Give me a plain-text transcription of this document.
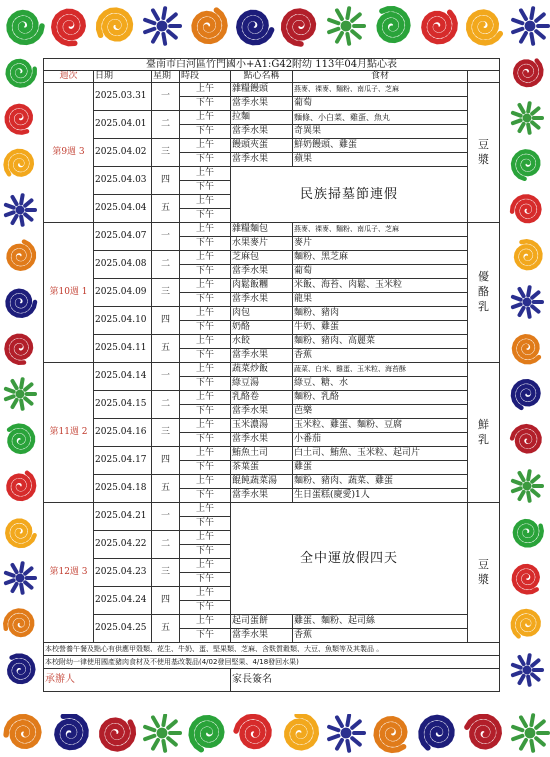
臺南市白河區竹門國小+A1:G42附幼 113年04月點心表						
週次	日期	星期	時段	點心名稱	食材	
第9週 3	2025.03.31	一	上午	雜糧饅頭	燕麥、裸麥、麵粉、南瓜子、芝麻	豆
漿
			下午	當季水果	葡萄	
	2025.04.01	二	上午	拉麵	麵條、小白菜、雞蛋、魚丸	
			下午	當季水果	奇異果	
	2025.04.02	三	上午	饅頭夾蛋	鮮奶饅頭、雞蛋	
			下午	當季水果	蘋果	
	2025.04.03	四	上午	民族掃墓節連假		
			下午			
	2025.04.04	五	上午			
			下午			
第10週 1	2025.04.07	一	上午	雜糧麵包	燕麥、裸麥、麵粉、南瓜子、芝麻	優
酪
乳
			下午	水果麥片	麥片	
	2025.04.08	二	上午	芝麻包	麵粉、黑芝麻	
			下午	當季水果	葡萄	
	2025.04.09	三	上午	肉鬆飯糰	米飯、海苔、肉鬆、玉米粒	
			下午	當季水果	龍果	
	2025.04.10	四	上午	肉包	麵粉、豬肉	
			下午	奶酪	牛奶、雞蛋	
	2025.04.11	五	上午	水餃	麵粉、豬肉、高麗菜	
			下午	當季水果	香蕉	
第11週 2	2025.04.14	一	上午	蔬菜炒飯	蔬菜、白米、雞蛋、玉米粒、海苔酥	鮮
乳
			下午	綠豆湯	綠豆、糖、水	
	2025.04.15	二	上午	乳酪卷	麵粉、乳酪	
			下午	當季水果	芭樂	
	2025.04.16	三	上午	玉米濃湯	玉米粒、雞蛋、麵粉、豆腐	
			下午	當季水果	小番茄	
	2025.04.17	四	上午	鮪魚土司	白土司、鮪魚、玉米粒、起司片	
			下午	茶葉蛋	雞蛋	
	2025.04.18	五	上午	餛飩蔬菜湯	麵粉、豬肉、蔬菜、雞蛋	
			下午	當季水果	生日蛋糕(慶愛)1人	
第12週 3	2025.04.21	一	上午	全中運放假四天		豆
漿
			下午			
	2025.04.22	二	上午			
			下午			
	2025.04.23	三	上午			
			下午			
	2025.04.24	四	上午			
			下午			
	2025.04.25	五	上午	起司蛋餅	雞蛋、麵粉、起司絲	
			下午	當季水果	香蕉	
本校營養午餐及點心有供應甲殼類、花生、牛奶、蛋、堅果類、芝麻、含麩質穀類、大豆、魚類等及其製品 。						
本校附幼一律使用國產豬肉食材及不使用基改製品(4/02發回堅果、4/18發回水果)						
承辦人				家長簽名		
